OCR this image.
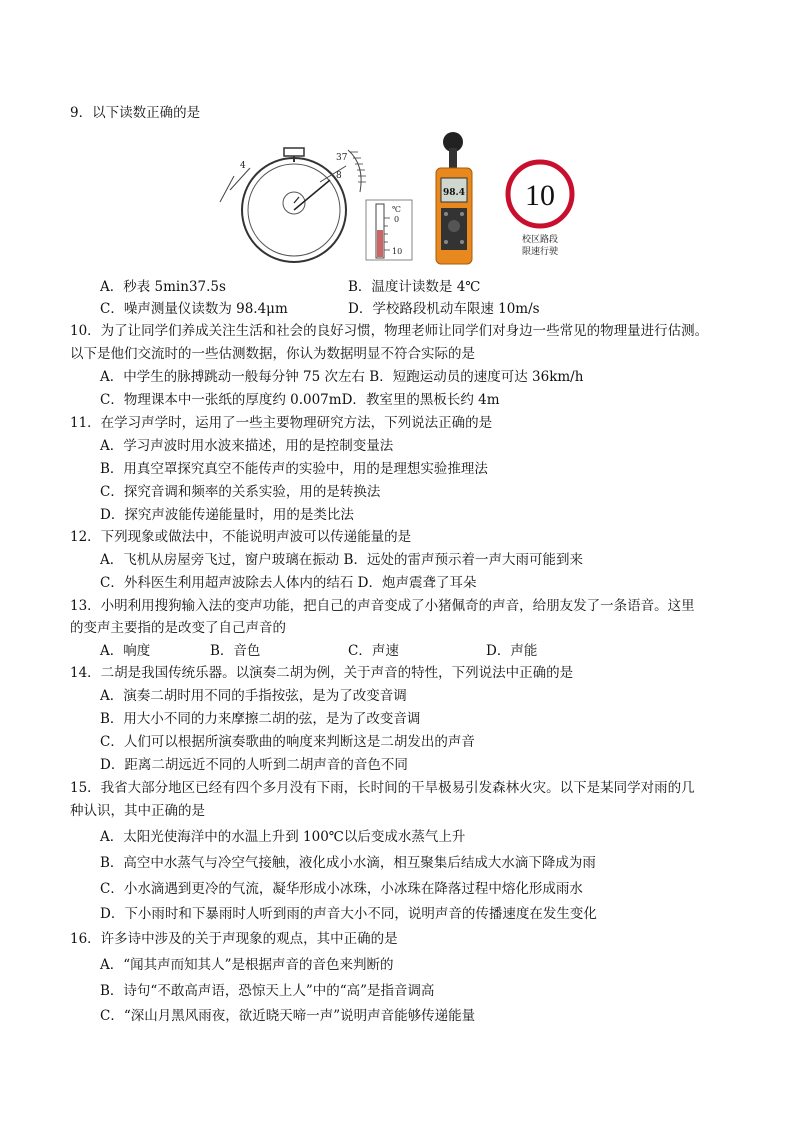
9．以下读数正确的是
4
37
8
℃
0
10
98.4 10
校区路段
限速行驶
A．秒表 5min37.5s	B．温度计读数是 4℃
C．噪声测量仪读数为 98.4μm	D．学校路段机动车限速 10m/s
10．为了让同学们养成关注生活和社会的良好习惯，物理老师让同学们对身边一些常见的物理量进行估测。
以下是他们交流时的一些估测数据，你认为数据明显不符合实际的是
A．中学生的脉搏跳动一般每分钟 75 次左右 B．短跑运动员的速度可达 36km/h
C．物理课本中一张纸的厚度约 0.007mD．教室里的黑板长约 4m
11．在学习声学时，运用了一些主要物理研究方法，下列说法正确的是
A．学习声波时用水波来描述，用的是控制变量法
B．用真空罩探究真空不能传声的实验中，用的是理想实验推理法
C．探究音调和频率的关系实验，用的是转换法
D．探究声波能传递能量时，用的是类比法
12．下列现象或做法中，不能说明声波可以传递能量的是
A．飞机从房屋旁飞过，窗户玻璃在振动 B．远处的雷声预示着一声大雨可能到来
C．外科医生利用超声波除去人体内的结石 D．炮声震聋了耳朵
13．小明利用搜狗输入法的变声功能，把自己的声音变成了小猪佩奇的声音，给朋友发了一条语音。这里
的变声主要指的是改变了自己声音的
A．响度	B．音色	C．声速	D．声能
14．二胡是我国传统乐器。以演奏二胡为例，关于声音的特性，下列说法中正确的是
A．演奏二胡时用不同的手指按弦，是为了改变音调
B．用大小不同的力来摩擦二胡的弦，是为了改变音调
C．人们可以根据所演奏歌曲的响度来判断这是二胡发出的声音
D．距离二胡远近不同的人听到二胡声音的音色不同
15．我省大部分地区已经有四个多月没有下雨，长时间的干旱极易引发森林火灾。以下是某同学对雨的几
种认识，其中正确的是
A．太阳光使海洋中的水温上升到 100℃以后变成水蒸气上升
B．高空中水蒸气与冷空气接触，液化成小水滴，相互聚集后结成大水滴下降成为雨
C．小水滴遇到更冷的气流，凝华形成小冰珠，小冰珠在降落过程中熔化形成雨水
D．下小雨时和下暴雨时人听到雨的声音大小不同，说明声音的传播速度在发生变化
16．许多诗中涉及的关于声现象的观点，其中正确的是
A．“闻其声而知其人”是根据声音的音色来判断的
B．诗句“不敢高声语，恐惊天上人”中的“高”是指音调高
C．“深山月黑风雨夜，欲近晓天啼一声”说明声音能够传递能量
